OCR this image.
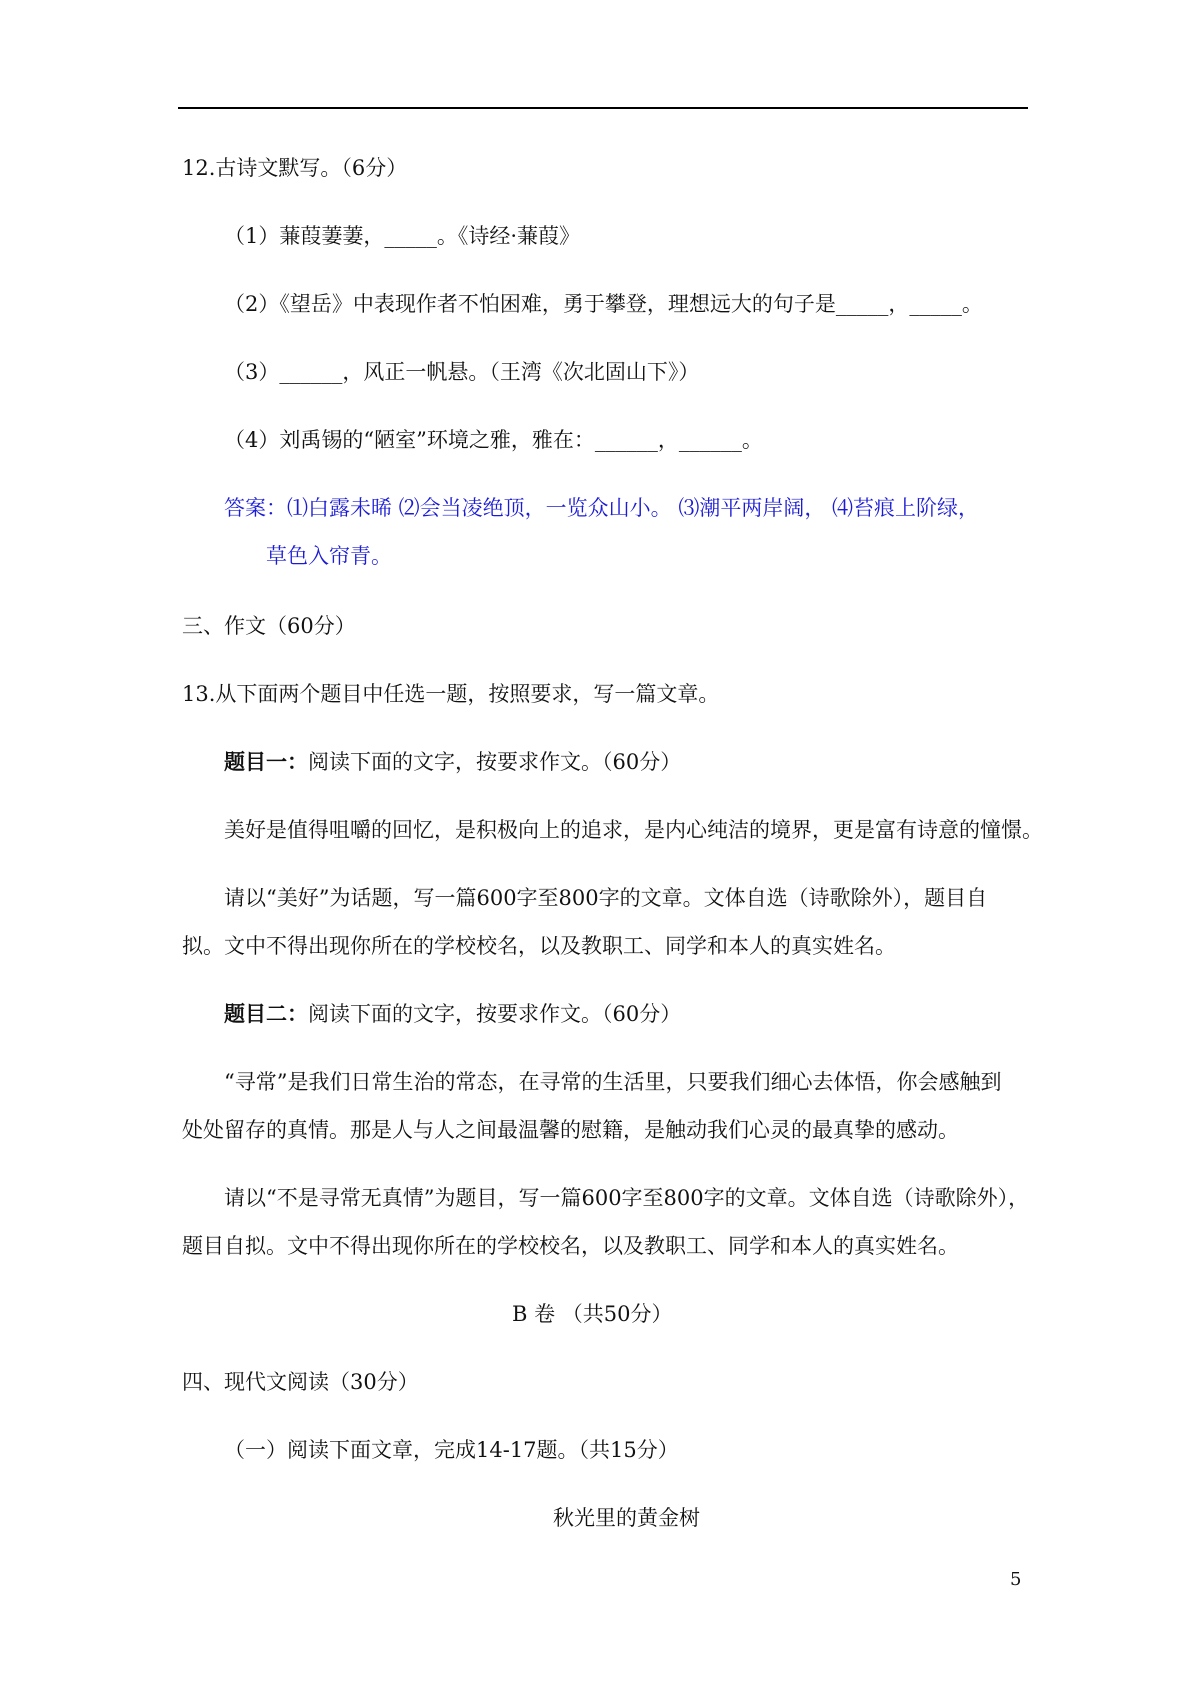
12.古诗文默写。（6分）
（1）蒹葭萋萋，_____。《诗经·蒹葭》
（2）《望岳》中表现作者不怕困难，勇于攀登，理想远大的句子是_____，_____。
（3）______，风正一帆悬。（王湾《次北固山下》）
（4）刘禹锡的“陋室”环境之雅，雅在：______，______。
答案：⑴白露未晞 ⑵会当凌绝顶，一览众山小。 ⑶潮平两岸阔， ⑷苔痕上阶绿，
草色入帘青。
三、作文（60分）
13.从下面两个题目中任选一题，按照要求，写一篇文章。
题目一：阅读下面的文字，按要求作文。（60分）
美好是值得咀嚼的回忆，是积极向上的追求，是内心纯洁的境界，更是富有诗意的憧憬。
请以“美好”为话题，写一篇600字至800字的文章。文体自选（诗歌除外），题目自
拟。文中不得出现你所在的学校校名，以及教职工、同学和本人的真实姓名。
题目二：阅读下面的文字，按要求作文。（60分）
“寻常”是我们日常生治的常态，在寻常的生活里，只要我们细心去体悟，你会感触到
处处留存的真情。那是人与人之间最温馨的慰籍，是触动我们心灵的最真挚的感动。
请以“不是寻常无真情”为题目，写一篇600字至800字的文章。文体自选（诗歌除外），
题目自拟。文中不得出现你所在的学校校名，以及教职工、同学和本人的真实姓名。
B 卷 （共50分）
四、现代文阅读（30分）
（一）阅读下面文章，完成14-17题。（共15分）
秋光里的黄金树
5
